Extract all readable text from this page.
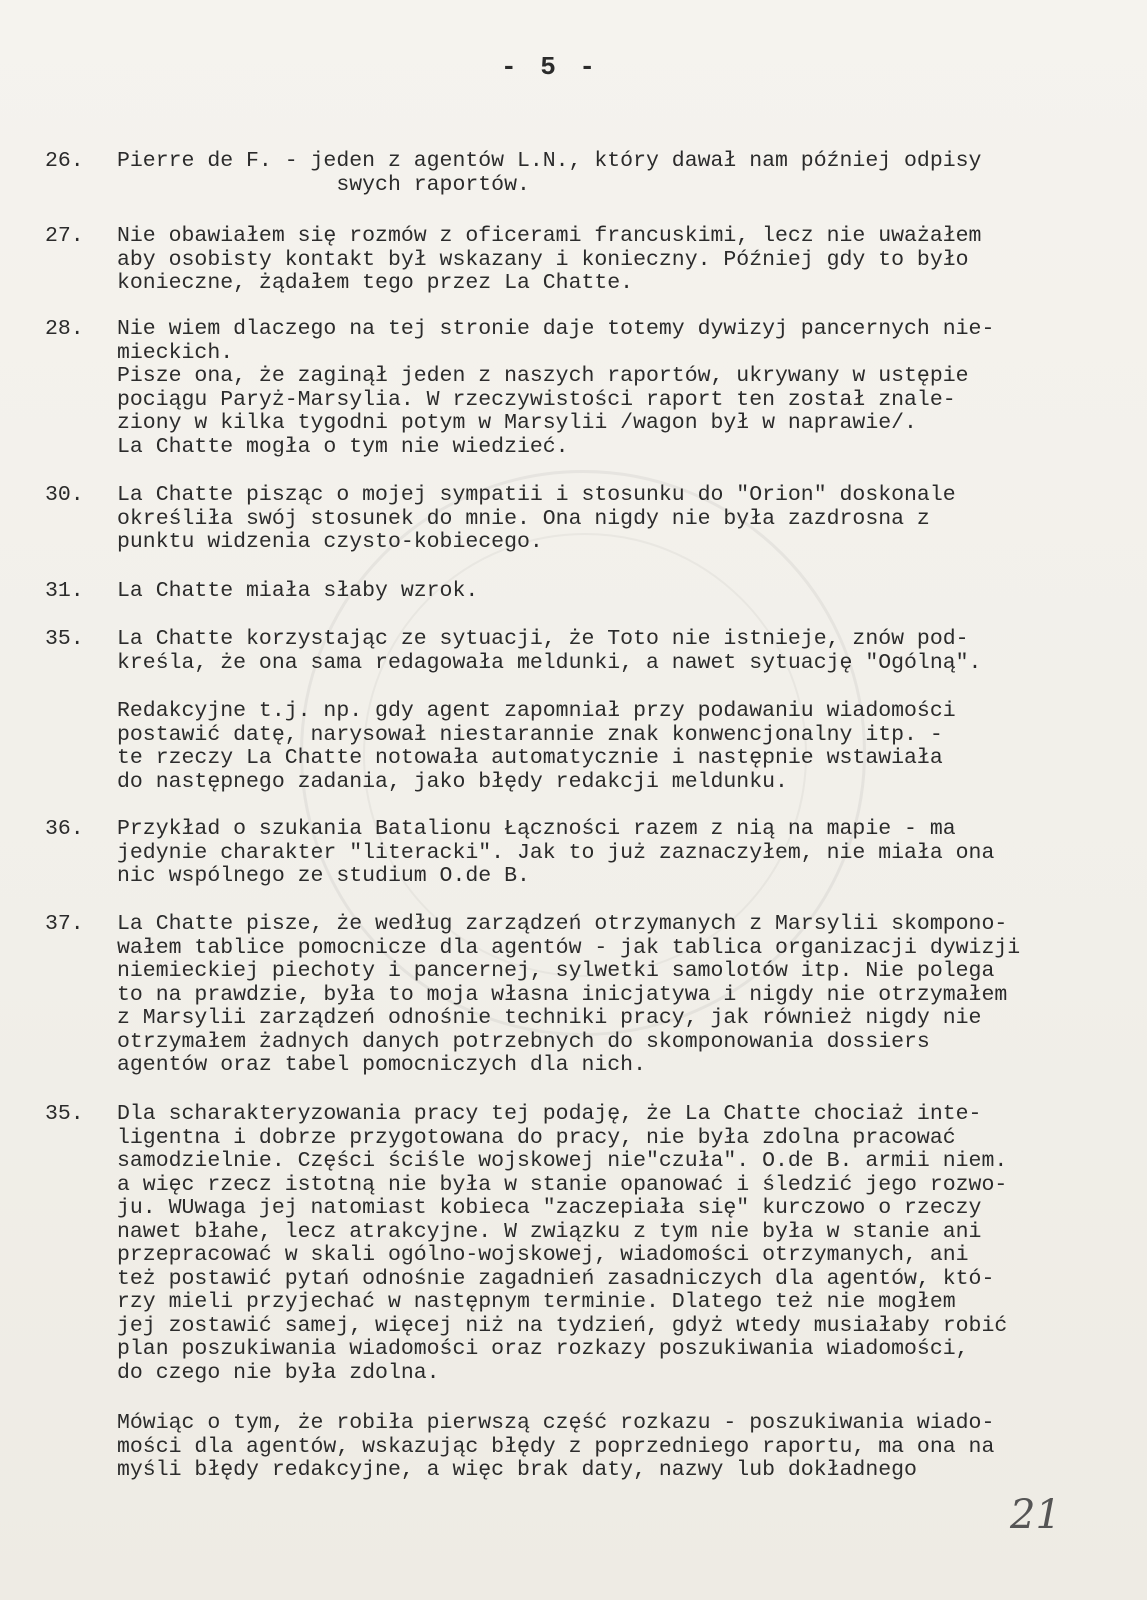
- 5 -
26.	Pierre de F. - jeden z agentów L.N., który dawał nam później odpisy
swych raportów.
27.	Nie obawiałem się rozmów z oficerami francuskimi, lecz nie uważałem
aby osobisty kontakt był wskazany i konieczny. Później gdy to było
konieczne, żądałem tego przez La Chatte.
28.	Nie wiem dlaczego na tej stronie daje totemy dywizyj pancernych nie-
mieckich.
Pisze ona, że zaginął jeden z naszych raportów, ukrywany w ustępie
pociągu Paryż-Marsylia. W rzeczywistości raport ten został znale-
ziony w kilka tygodni potym w Marsylii /wagon był w naprawie/.
La Chatte mogła o tym nie wiedzieć.
30.	La Chatte pisząc o mojej sympatii i stosunku do "Orion" doskonale
określiła swój stosunek do mnie. Ona nigdy nie była zazdrosna z
punktu widzenia czysto-kobiecego.
31.	La Chatte miała słaby wzrok.
35.	La Chatte korzystając ze sytuacji, że Toto nie istnieje, znów pod-
kreśla, że ona sama redagowała meldunki, a nawet sytuację "Ogólną".
Redakcyjne t.j. np. gdy agent zapomniał przy podawaniu wiadomości
postawić datę, narysował niestarannie znak konwencjonalny itp. -
te rzeczy La Chatte notowała automatycznie i następnie wstawiała
do następnego zadania, jako błędy redakcji meldunku.
36.	Przykład o szukania Batalionu Łączności razem z nią na mapie - ma
jedynie charakter "literacki". Jak to już zaznaczyłem, nie miała ona
nic wspólnego ze studium O.de B.
37.	La Chatte pisze, że według zarządzeń otrzymanych z Marsylii skompono-
wałem tablice pomocnicze dla agentów - jak tablica organizacji dywizji
niemieckiej piechoty i pancernej, sylwetki samolotów itp. Nie polega
to na prawdzie, była to moja własna inicjatywa i nigdy nie otrzymałem
z Marsylii zarządzeń odnośnie techniki pracy, jak również nigdy nie
otrzymałem żadnych danych potrzebnych do skomponowania dossiers
agentów oraz tabel pomocniczych dla nich.
35.	Dla scharakteryzowania pracy tej podaję, że La Chatte chociaż inte-
ligentna i dobrze przygotowana do pracy, nie była zdolna pracować
samodzielnie. Części ściśle wojskowej nie"czuła". O.de B. armii niem.
a więc rzecz istotną nie była w stanie opanować i śledzić jego rozwo-
ju. WUwaga jej natomiast kobieca "zaczepiała się" kurczowo o rzeczy
nawet błahe, lecz atrakcyjne. W związku z tym nie była w stanie ani
przepracować w skali ogólno-wojskowej, wiadomości otrzymanych, ani
też postawić pytań odnośnie zagadnień zasadniczych dla agentów, któ-
rzy mieli przyjechać w następnym terminie. Dlatego też nie mogłem
jej zostawić samej, więcej niż na tydzień, gdyż wtedy musiałaby robić
plan poszukiwania wiadomości oraz rozkazy poszukiwania wiadomości,
do czego nie była zdolna.
Mówiąc o tym, że robiła pierwszą część rozkazu - poszukiwania wiado-
mości dla agentów, wskazując błędy z poprzedniego raportu, ma ona na
myśli błędy redakcyjne, a więc brak daty, nazwy lub dokładnego
21
